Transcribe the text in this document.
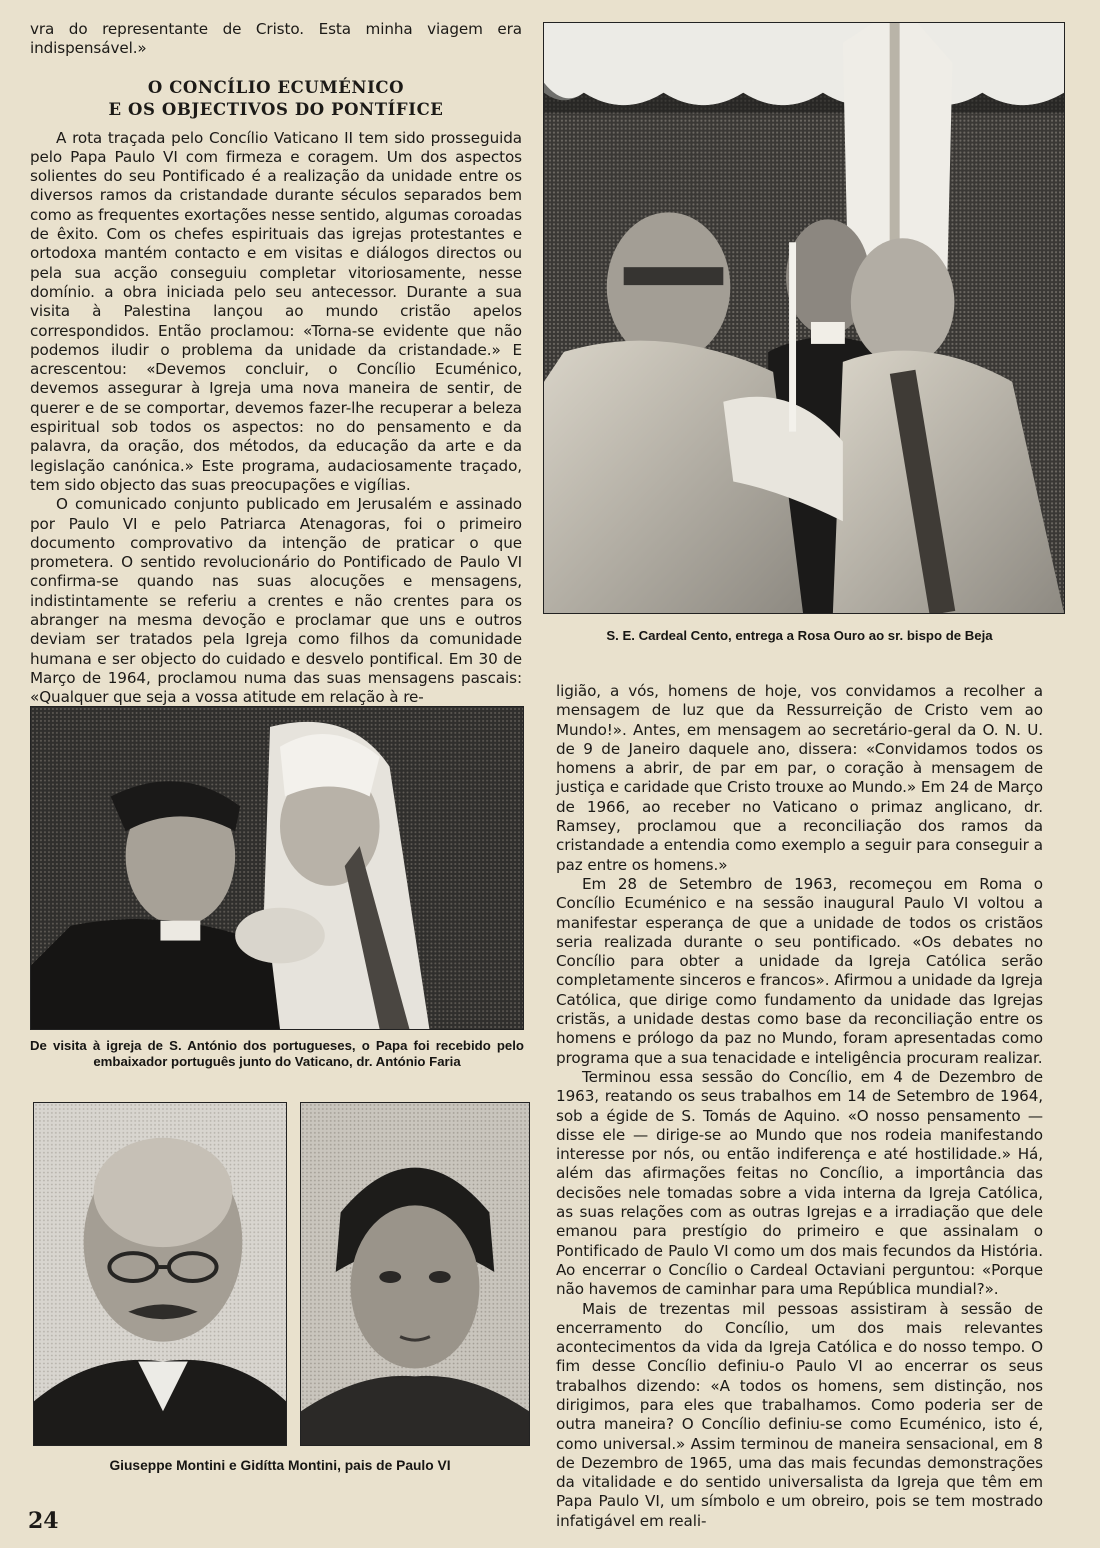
vra do representante de Cristo. Esta minha viagem era indispensável.»

O CONCÍLIO ECUMÉNICO
E OS OBJECTIVOS DO PONTÍFICE

A rota traçada pelo Concílio Vaticano II tem sido prosseguida pelo Papa Paulo VI com firmeza e coragem. Um dos aspectos solientes do seu Pontificado é a realização da unidade entre os diversos ramos da cristandade durante séculos separados bem como as frequentes exortações nesse sentido, algumas coroadas de êxito. Com os chefes espirituais das igrejas protestantes e ortodoxa mantém contacto e em visitas e diálogos directos ou pela sua acção conseguiu completar vitoriosamente, nesse domínio. a obra iniciada pelo seu antecessor. Durante a sua visita à Palestina lançou ao mundo cristão apelos correspondidos. Então proclamou: «Torna-se evidente que não podemos iludir o problema da unidade da cristandade.» E acrescentou: «Devemos concluir, o Concílio Ecuménico, devemos assegurar à Igreja uma nova maneira de sentir, de querer e de se comportar, devemos fazer-lhe recuperar a beleza espiritual sob todos os aspectos: no do pensamento e da palavra, da oração, dos métodos, da educação da arte e da legislação canónica.» Este programa, audaciosamente traçado, tem sido objecto das suas preocupações e vigílias.

O comunicado conjunto publicado em Jerusalém e assinado por Paulo VI e pelo Patriarca Atenagoras, foi o primeiro documento comprovativo da intenção de praticar o que prometera. O sentido revolucionário do Pontificado de Paulo VI confirma-se quando nas suas alocuções e mensagens, indistintamente se referiu a crentes e não crentes para os abranger na mesma devoção e proclamar que uns e outros deviam ser tratados pela Igreja como filhos da comunidade humana e ser objecto do cuidado e desvelo pontifical. Em 30 de Março de 1964, proclamou numa das suas mensagens pascais: «Qualquer que seja a vossa atitude em relação à re-

S. E. Cardeal Cento, entrega a Rosa Ouro ao sr. bispo de Beja

ligião, a vós, homens de hoje, vos convidamos a recolher a mensagem de luz que da Ressurreição de Cristo vem ao Mundo!». Antes, em mensagem ao secretário-geral da O. N. U. de 9 de Janeiro daquele ano, dissera: «Convidamos todos os homens a abrir, de par em par, o coração à mensagem de justiça e caridade que Cristo trouxe ao Mundo.» Em 24 de Março de 1966, ao receber no Vaticano o primaz anglicano, dr. Ramsey, proclamou que a reconciliação dos ramos da cristandade a entendia como exemplo a seguir para conseguir a paz entre os homens.»

Em 28 de Setembro de 1963, recomeçou em Roma o Concílio Ecuménico e na sessão inaugural Paulo VI voltou a manifestar esperança de que a unidade de todos os cristãos seria realizada durante o seu pontificado. «Os debates no Concílio para obter a unidade da Igreja Católica serão completamente sinceros e francos». Afirmou a unidade da Igreja Católica, que dirige como fundamento da unidade das Igrejas cristãs, a unidade destas como base da reconciliação entre os homens e prólogo da paz no Mundo, foram apresentadas como programa que a sua tenacidade e inteligência procuram realizar.

Terminou essa sessão do Concílio, em 4 de Dezembro de 1963, reatando os seus trabalhos em 14 de Setembro de 1964, sob a égide de S. Tomás de Aquino. «O nosso pensamento — disse ele — dirige-se ao Mundo que nos rodeia manifestando interesse por nós, ou então indiferença e até hostilidade.» Há, além das afirmações feitas no Concílio, a importância das decisões nele tomadas sobre a vida interna da Igreja Católica, as suas relações com as outras Igrejas e a irradiação que dele emanou para prestígio do primeiro e que assinalam o Pontificado de Paulo VI como um dos mais fecundos da História. Ao encerrar o Concílio o Cardeal Octaviani perguntou: «Porque não havemos de caminhar para uma República mundial?».

Mais de trezentas mil pessoas assistiram à sessão de encerramento do Concílio, um dos mais relevantes acontecimentos da vida da Igreja Católica e do nosso tempo. O fim desse Concílio definiu-o Paulo VI ao encerrar os seus trabalhos dizendo: «A todos os homens, sem distinção, nos dirigimos, para eles que trabalhamos. Como poderia ser de outra maneira? O Concílio definiu-se como Ecuménico, isto é, como universal.» Assim terminou de maneira sensacional, em 8 de Dezembro de 1965, uma das mais fecundas demonstrações da vitalidade e do sentido universalista da Igreja que têm em Papa Paulo VI, um símbolo e um obreiro, pois se tem mostrado infatigável em reali-

De visita à igreja de S. António dos portugueses, o Papa foi recebido pelo embaixador português junto do Vaticano, dr. António Faria
Giuseppe Montini e Gidítta Montini, pais de Paulo VI
24
